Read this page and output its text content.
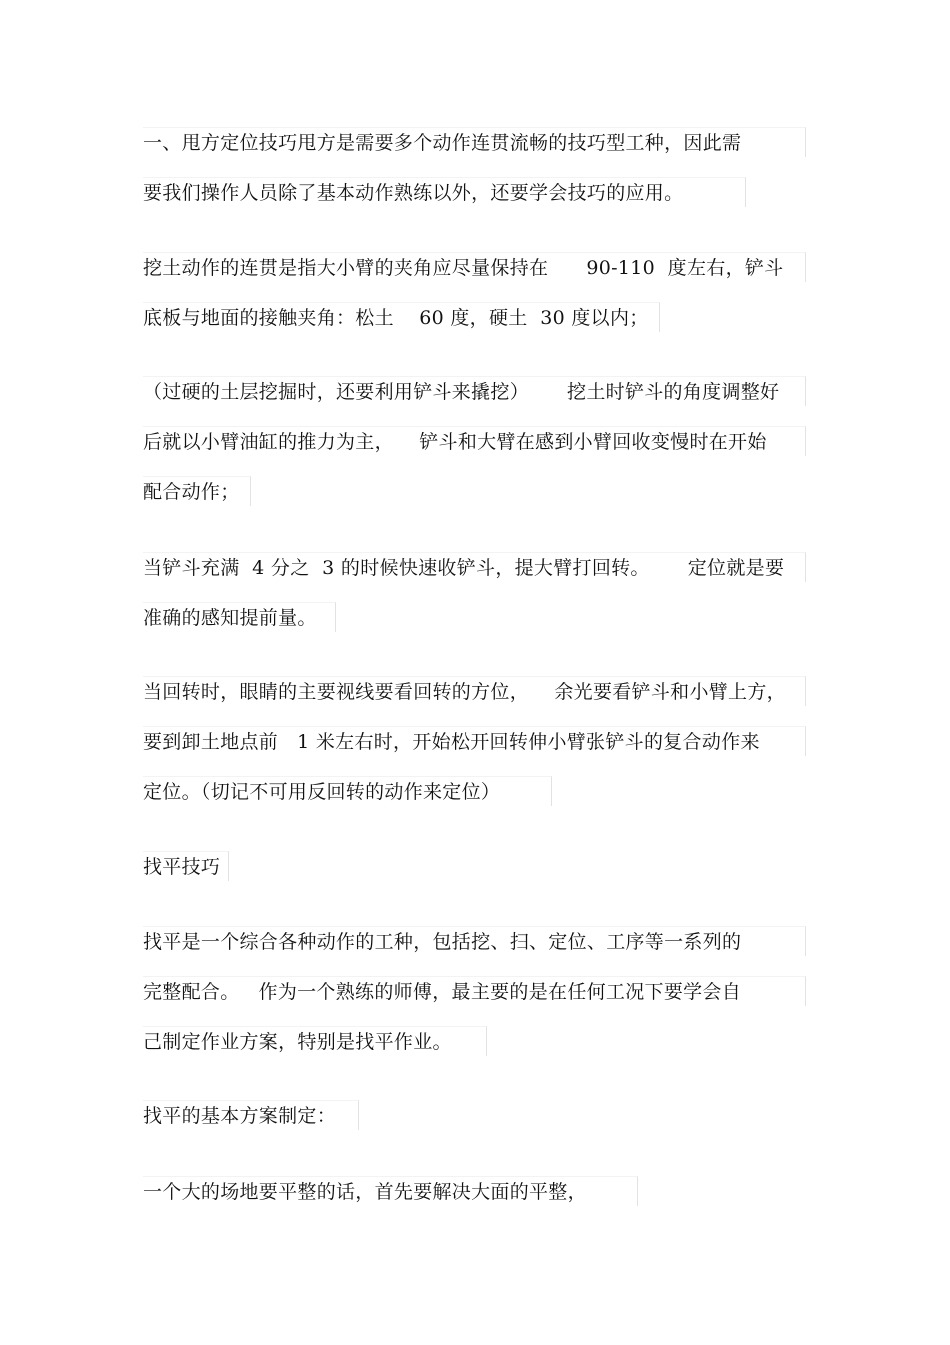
一、甩方定位技巧甩方是需要多个动作连贯流畅的技巧型工种，因此需
要我们操作人员除了基本动作熟练以外，还要学会技巧的应用。
挖土动作的连贯是指大小臂的夹角应尽量保持在      90-110  度左右，铲斗
底板与地面的接触夹角：松土    60 度，硬土  30 度以内；
（过硬的土层挖掘时，还要利用铲斗来撬挖）      挖土时铲斗的角度调整好
后就以小臂油缸的推力为主，    铲斗和大臂在感到小臂回收变慢时在开始
配合动作；
当铲斗充满  4 分之  3 的时候快速收铲斗，提大臂打回转。      定位就是要
准确的感知提前量。
当回转时，眼睛的主要视线要看回转的方位，    余光要看铲斗和小臂上方，
要到卸土地点前   1 米左右时，开始松开回转伸小臂张铲斗的复合动作来
定位。（切记不可用反回转的动作来定位）
找平技巧
找平是一个综合各种动作的工种，包括挖、扫、定位、工序等一系列的
完整配合。   作为一个熟练的师傅，最主要的是在任何工况下要学会自
己制定作业方案，特别是找平作业。
找平的基本方案制定：
一个大的场地要平整的话，首先要解决大面的平整，
